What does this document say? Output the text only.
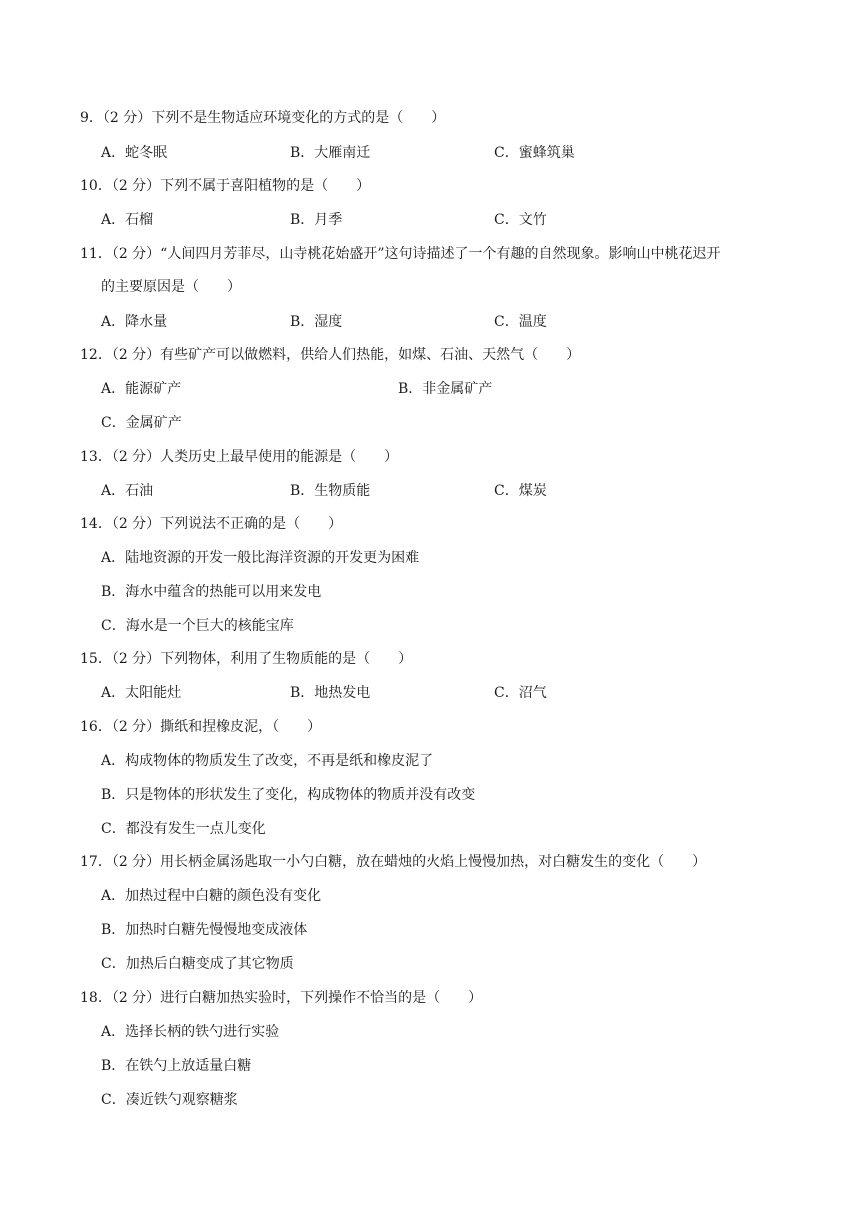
9．（2 分）下列不是生物适应环境变化的方式的是（　　）
A．蛇冬眠	B．大雁南迁	C．蜜蜂筑巢
10．（2 分）下列不属于喜阳植物的是（　　）
A．石榴	B．月季	C．文竹
11．（2 分）“人间四月芳菲尽，山寺桃花始盛开”这句诗描述了一个有趣的自然现象。影响山中桃花迟开
的主要原因是（　　）
A．降水量	B．湿度	C．温度
12．（2 分）有些矿产可以做燃料，供给人们热能，如煤、石油、天然气（　　）
A．能源矿产	B．非金属矿产
C．金属矿产
13．（2 分）人类历史上最早使用的能源是（　　）
A．石油	B．生物质能	C．煤炭
14．（2 分）下列说法不正确的是（　　）
A．陆地资源的开发一般比海洋资源的开发更为困难
B．海水中蕴含的热能可以用来发电
C．海水是一个巨大的核能宝库
15．（2 分）下列物体，利用了生物质能的是（　　）
A．太阳能灶	B．地热发电	C．沼气
16．（2 分）撕纸和捏橡皮泥，（　　）
A．构成物体的物质发生了改变，不再是纸和橡皮泥了
B．只是物体的形状发生了变化，构成物体的物质并没有改变
C．都没有发生一点儿变化
17．（2 分）用长柄金属汤匙取一小勺白糖，放在蜡烛的火焰上慢慢加热，对白糖发生的变化（　　）
A．加热过程中白糖的颜色没有变化
B．加热时白糖先慢慢地变成液体
C．加热后白糖变成了其它物质
18．（2 分）进行白糖加热实验时，下列操作不恰当的是（　　）
A．选择长柄的铁勺进行实验
B．在铁勺上放适量白糖
C．凑近铁勺观察糖浆
